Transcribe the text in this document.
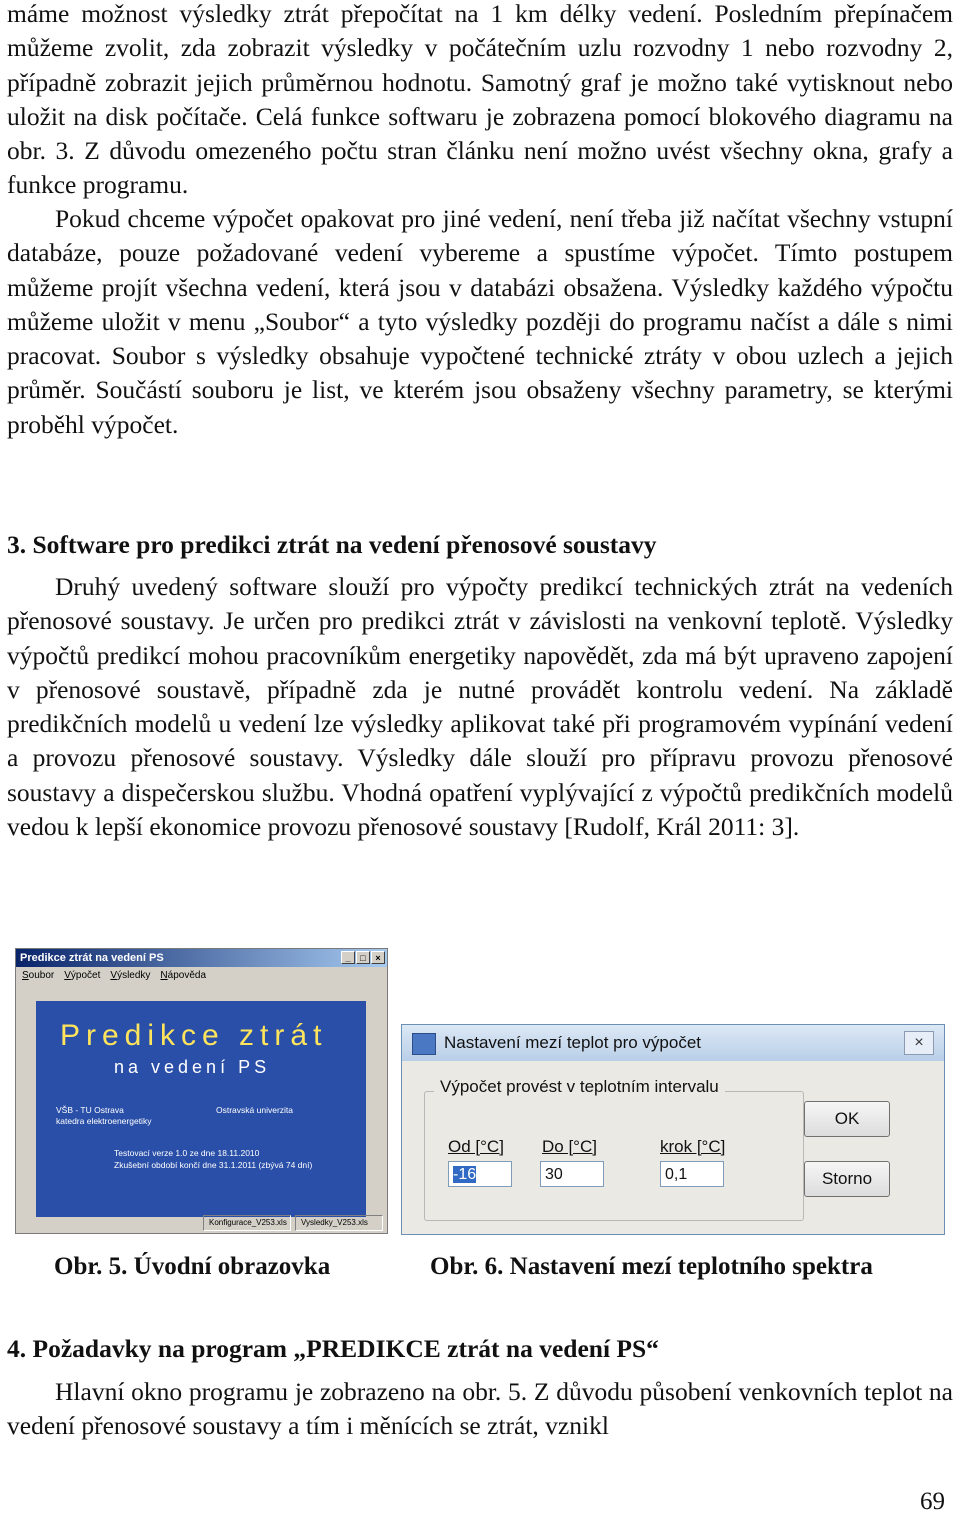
máme možnost výsledky ztrát přepočítat na 1 km délky vedení. Posledním přepínačem můžeme zvolit, zda zobrazit výsledky v počátečním uzlu rozvodny 1 nebo rozvodny 2, případně zobrazit jejich průměrnou hodnotu. Samotný graf je možno také vytisknout nebo uložit na disk počítače. Celá funkce softwaru je zobrazena pomocí blokového diagramu na obr. 3. Z důvodu omezeného počtu stran článku není možno uvést všechny okna, grafy a funkce programu.

Pokud chceme výpočet opakovat pro jiné vedení, není třeba již načítat všechny vstupní databáze, pouze požadované vedení vybereme a spustíme výpočet. Tímto postupem můžeme projít všechna vedení, která jsou v databázi obsažena. Výsledky každého výpočtu můžeme uložit v menu „Soubor“ a tyto výsledky později do programu načíst a dále s nimi pracovat. Soubor s výsledky obsahuje vypočtené technické ztráty v obou uzlech a jejich průměr. Součástí souboru je list, ve kterém jsou obsaženy všechny parametry, se kterými proběhl výpočet.

3. Software pro predikci ztrát na vedení přenosové soustavy

Druhý uvedený software slouží pro výpočty predikcí technických ztrát na vedeních přenosové soustavy. Je určen pro predikci ztrát v závislosti na venkovní teplotě. Výsledky výpočtů predikcí mohou pracovníkům energetiky napovědět, zda má být upraveno zapojení v přenosové soustavě, případně zda je nutné provádět kontrolu vedení. Na základě predikčních modelů u vedení lze výsledky aplikovat také při programovém vypínání vedení a provozu přenosové soustavy. Výsledky dále slouží pro přípravu provozu přenosové soustavy a dispečerskou službu. Vhodná opatření vyplývající z výpočtů predikčních modelů vedou k lepší ekonomice provozu přenosové soustavy [Rudolf, Král 2011: 3].

Predikce ztrát na vedení PS	_	□	×
Soubor Výpočet Výsledky Nápověda
Predikce ztrát
na vedení PS
VŠB - TU Ostrava
katedra elektroenergetiky
Ostravská univerzita
Testovací verze 1.0 ze dne 18.11.2010
Zkušební období končí dne 31.1.2011 (zbývá 74 dní)
Konfigurace_V253.xls	Vysledky_V253.xls
Nastavení mezí teplot pro výpočet	×
Výpočet provést v teplotním intervalu
Od [°C]
-16
Do [°C]
30
krok [°C]
0,1
OK
Storno
Obr. 5. Úvodní obrazovka	Obr. 6. Nastavení mezí teplotního spektra
4. Požadavky na program „PREDIKCE ztrát na vedení PS“

Hlavní okno programu je zobrazeno na obr. 5. Z důvodu působení venkovních teplot na vedení přenosové soustavy a tím i měnících se ztrát, vznikl

69
